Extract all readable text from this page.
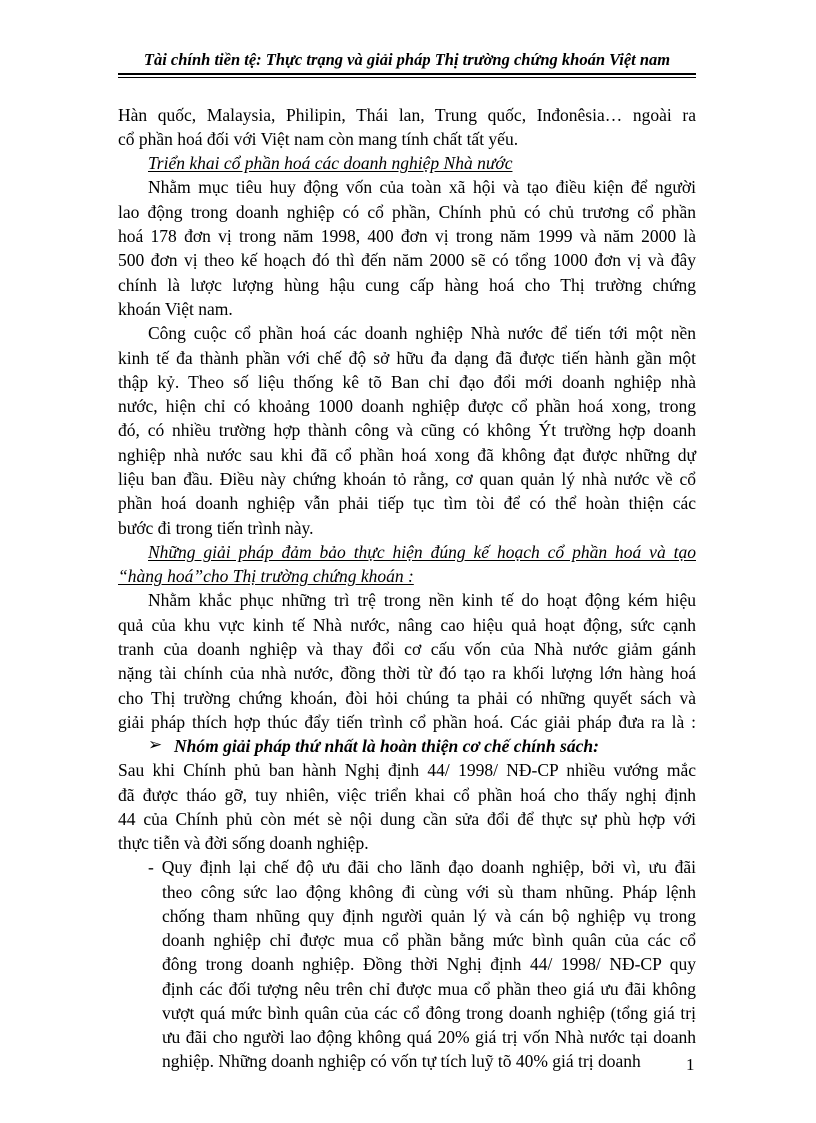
Tài chính tiền tệ: Thực trạng và giải pháp Thị trường chứng khoán Việt nam
Hàn quốc, Malaysia, Philipin, Thái lan, Trung quốc, Inđonêsia… ngoài ra
cổ phần hoá đối với Việt nam còn mang tính chất tất yếu.
Triển khai cổ phần hoá các doanh nghiệp Nhà nước
Nhằm mục tiêu huy động vốn của toàn xã hội và tạo điều kiện để người
lao động trong doanh nghiệp có cổ phần, Chính phủ có chủ trương cổ phần
hoá 178 đơn vị trong năm 1998, 400 đơn vị trong năm 1999 và năm 2000 là
500 đơn vị theo kế hoạch đó thì đến năm 2000 sẽ có tổng 1000 đơn vị và đây
chính là lược lượng hùng hậu cung cấp hàng hoá cho Thị trường chứng
khoán Việt nam.
Công cuộc cổ phần hoá các doanh nghiệp Nhà nước để tiến tới một nền
kinh tế đa thành phần với chế độ sở hữu đa dạng đã được tiến hành gần một
thập kỷ. Theo số liệu thống kê tõ Ban chỉ đạo đổi mới doanh nghiệp nhà
nước, hiện chỉ có khoảng 1000 doanh nghiệp được cổ phần hoá xong, trong
đó, có nhiều trường hợp thành công và cũng có không Ýt trường hợp doanh
nghiệp nhà nước sau khi đã cổ phần hoá xong đã không đạt được những dự
liệu ban đầu. Điều này chứng khoán tỏ rằng, cơ quan quản lý nhà nước về cổ
phần hoá doanh nghiệp vẫn phải tiếp tục tìm tòi để có thể hoàn thiện các
bước đi trong tiến trình này.
Những giải pháp đảm bảo thực hiện đúng kế hoạch cổ phần hoá và tạo
“hàng hoá”cho Thị trường chứng khoán :
Nhằm khắc phục những trì trệ trong nền kinh tế do hoạt động kém hiệu
quả của khu vực kinh tế Nhà nước, nâng cao hiệu quả hoạt động, sức cạnh
tranh của doanh nghiệp và thay đổi cơ cấu vốn của Nhà nước giảm gánh
nặng tài chính của nhà nước, đồng thời từ đó tạo ra khối lượng lớn hàng hoá
cho Thị trường chứng khoán, đòi hỏi chúng ta phải có những quyết sách và
giải pháp thích hợp thúc đẩy tiến trình cổ phần hoá. Các giải pháp đưa ra là :
Nhóm giải pháp thứ nhất là hoàn thiện cơ chế chính sách:
Sau khi Chính phủ ban hành Nghị định 44/ 1998/ NĐ-CP nhiều vướng mắc
đã được tháo gỡ, tuy nhiên, việc triển khai cổ phần hoá cho thấy nghị định
44 của Chính phủ còn mét sè nội dung cần sửa đổi để thực sự phù hợp với
thực tiễn và đời sống doanh nghiệp.
- Quy định lại chế độ ưu đãi cho lãnh đạo doanh nghiệp, bởi vì, ưu đãi
theo công sức lao động không đi cùng với sù tham nhũng. Pháp lệnh
chống tham nhũng quy định người quản lý và cán bộ nghiệp vụ trong
doanh nghiệp chỉ được mua cổ phần bằng mức bình quân của các cổ
đông trong doanh nghiệp. Đồng thời Nghị định 44/ 1998/ NĐ-CP quy
định các đối tượng nêu trên chỉ được mua cổ phần theo giá ưu đãi không
vượt quá mức bình quân của các cổ đông trong doanh nghiệp (tổng giá trị
ưu đãi cho người lao động không quá 20% giá trị vốn Nhà nước tại doanh
nghiệp. Những doanh nghiệp có vốn tự tích luỹ tõ 40% giá trị doanh
➢
1
